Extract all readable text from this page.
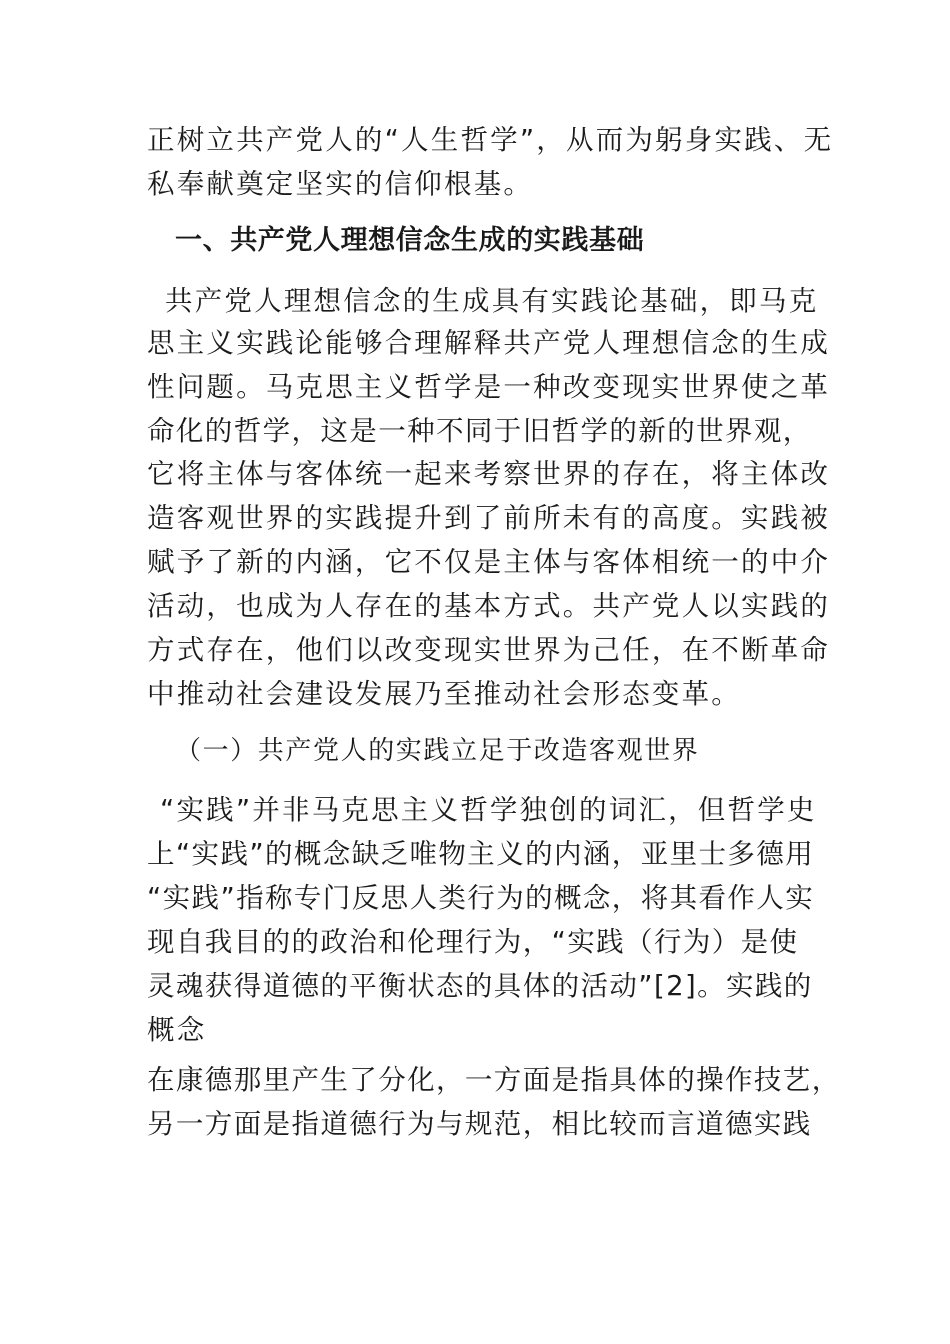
正树立共产党人的“人生哲学”，从而为躬身实践、无
私奉献奠定坚实的信仰根基。
一、共产党人理想信念生成的实践基础
共产党人理想信念的生成具有实践论基础，即马克
思主义实践论能够合理解释共产党人理想信念的生成
性问题。马克思主义哲学是一种改变现实世界使之革
命化的哲学，这是一种不同于旧哲学的新的世界观，
它将主体与客体统一起来考察世界的存在，将主体改
造客观世界的实践提升到了前所未有的高度。实践被
赋予了新的内涵，它不仅是主体与客体相统一的中介
活动，也成为人存在的基本方式。共产党人以实践的
方式存在，他们以改变现实世界为己任，在不断革命
中推动社会建设发展乃至推动社会形态变革。
（一）共产党人的实践立足于改造客观世界
“实践”并非马克思主义哲学独创的词汇，但哲学史
上“实践”的概念缺乏唯物主义的内涵，亚里士多德用
“实践”指称专门反思人类行为的概念，将其看作人实
现自我目的的政治和伦理行为，“实践（行为）是使
灵魂获得道德的平衡状态的具体的活动”[2]。实践的
概念
在康德那里产生了分化，一方面是指具体的操作技艺，
另一方面是指道德行为与规范，相比较而言道德实践
